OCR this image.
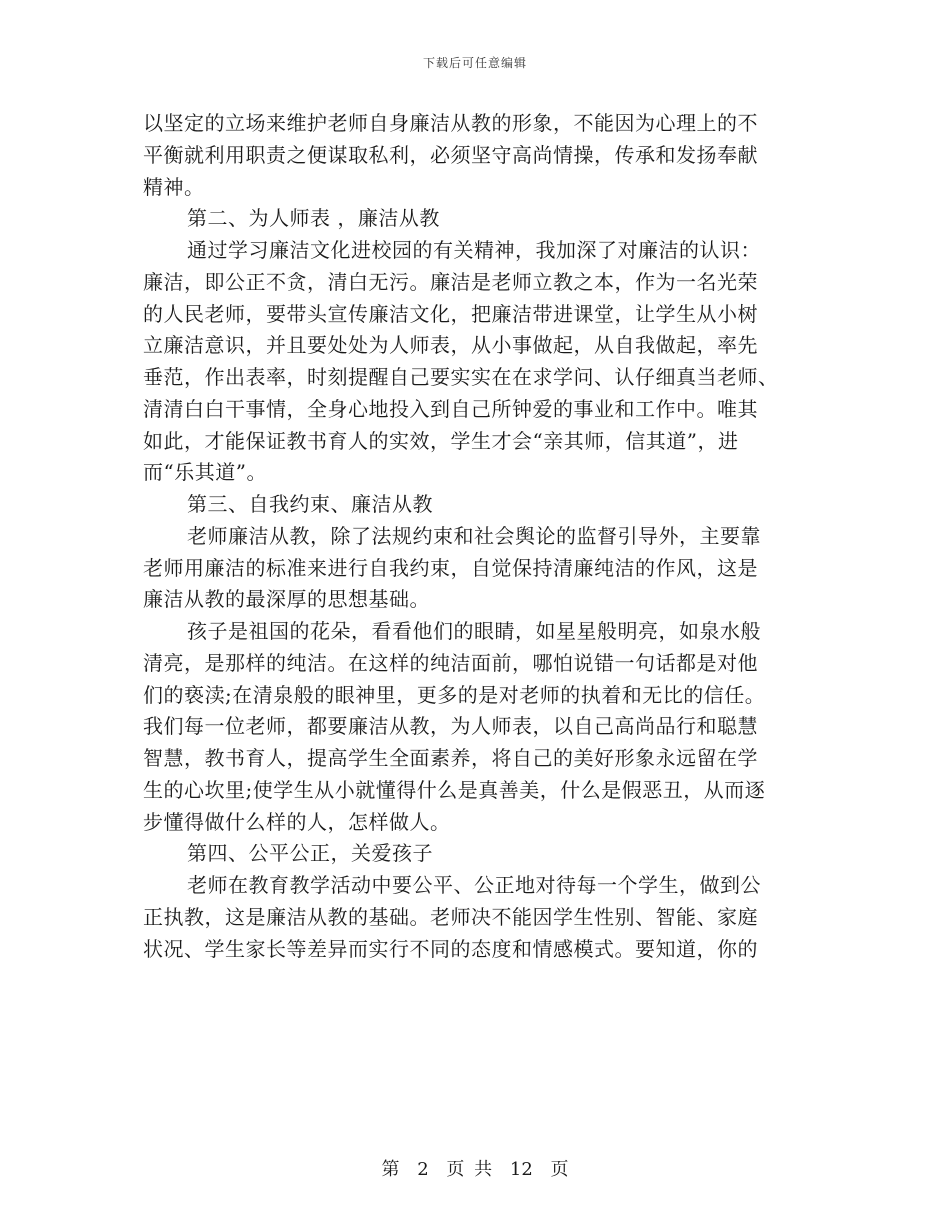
下载后可任意编辑
以坚定的立场来维护老师自身廉洁从教的形象，不能因为心理上的不
平衡就利用职责之便谋取私利，必须坚守高尚情操，传承和发扬奉献
精神。
第二、为人师表 ，廉洁从教
通过学习廉洁文化进校园的有关精神，我加深了对廉洁的认识：
廉洁，即公正不贪，清白无污。廉洁是老师立教之本，作为一名光荣
的人民老师，要带头宣传廉洁文化，把廉洁带进课堂，让学生从小树
立廉洁意识，并且要处处为人师表，从小事做起，从自我做起，率先
垂范，作出表率，时刻提醒自己要实实在在求学问、认仔细真当老师、
清清白白干事情，全身心地投入到自己所钟爱的事业和工作中。唯其
如此，才能保证教书育人的实效，学生才会“亲其师，信其道”，进
而“乐其道”。
第三、自我约束、廉洁从教
老师廉洁从教，除了法规约束和社会舆论的监督引导外，主要靠
老师用廉洁的标准来进行自我约束，自觉保持清廉纯洁的作风，这是
廉洁从教的最深厚的思想基础。
孩子是祖国的花朵，看看他们的眼睛，如星星般明亮，如泉水般
清亮，是那样的纯洁。在这样的纯洁面前，哪怕说错一句话都是对他
们的亵渎;在清泉般的眼神里，更多的是对老师的执着和无比的信任。
我们每一位老师，都要廉洁从教，为人师表，以自己高尚品行和聪慧
智慧，教书育人，提高学生全面素养，将自己的美好形象永远留在学
生的心坎里;使学生从小就懂得什么是真善美，什么是假恶丑，从而逐
步懂得做什么样的人，怎样做人。
第四、公平公正，关爱孩子
老师在教育教学活动中要公平、公正地对待每一个学生，做到公
正执教，这是廉洁从教的基础。老师决不能因学生性别、智能、家庭
状况、学生家长等差异而实行不同的态度和情感模式。要知道，你的
第 2 页 共 12 页
